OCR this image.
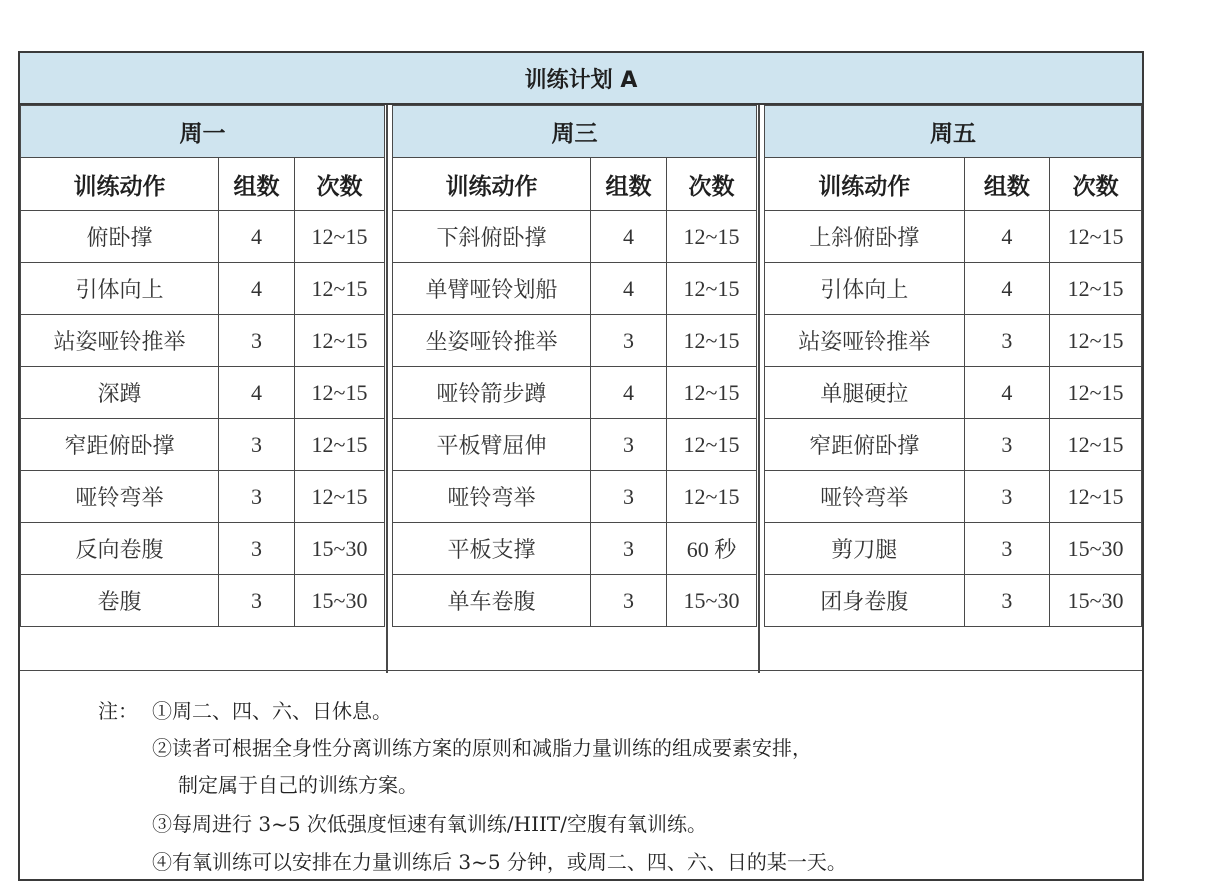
训练计划 A
周一		
训练动作	组数	次数
俯卧撑	4	12~15
引体向上	4	12~15
站姿哑铃推举	3	12~15
深蹲	4	12~15
窄距俯卧撑	3	12~15
哑铃弯举	3	12~15
反向卷腹	3	15~30
卷腹	3	15~30
周三		
训练动作	组数	次数
下斜俯卧撑	4	12~15
单臂哑铃划船	4	12~15
坐姿哑铃推举	3	12~15
哑铃箭步蹲	4	12~15
平板臂屈伸	3	12~15
哑铃弯举	3	12~15
平板支撑	3	60 秒
单车卷腹	3	15~30
周五		
训练动作	组数	次数
上斜俯卧撑	4	12~15
引体向上	4	12~15
站姿哑铃推举	3	12~15
单腿硬拉	4	12~15
窄距俯卧撑	3	12~15
哑铃弯举	3	12~15
剪刀腿	3	15~30
团身卷腹	3	15~30
注： ①周二、四、六、日休息。
②读者可根据全身性分离训练方案的原则和减脂力量训练的组成要素安排，
制定属于自己的训练方案。
③每周进行 3~5 次低强度恒速有氧训练/HIIT/空腹有氧训练。
④有氧训练可以安排在力量训练后 3~5 分钟，或周二、四、六、日的某一天。
